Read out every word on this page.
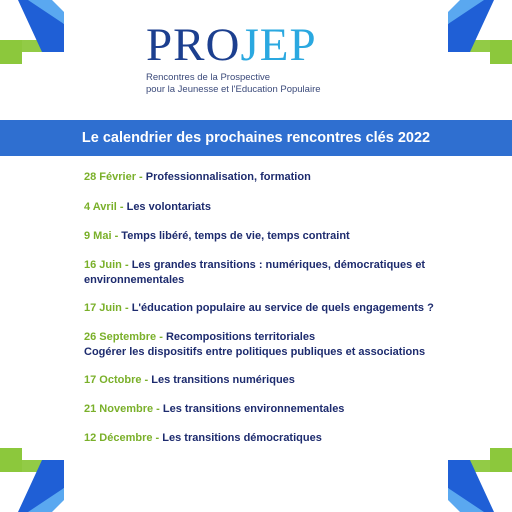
PROJEP
Rencontres de la Prospective
pour la Jeunesse et l'Education Populaire
Le calendrier des prochaines rencontres clés 2022
28 Février - Professionnalisation, formation
4 Avril - Les volontariats
9 Mai - Temps libéré, temps de vie, temps contraint
16 Juin - Les grandes transitions : numériques, démocratiques et
environnementales
17 Juin - L'éducation populaire au service de quels engagements ?
26 Septembre - Recompositions territoriales
Cogérer les dispositifs entre politiques publiques et associations
17 Octobre - Les transitions numériques
21 Novembre - Les transitions environnementales
12 Décembre - Les transitions démocratiques
